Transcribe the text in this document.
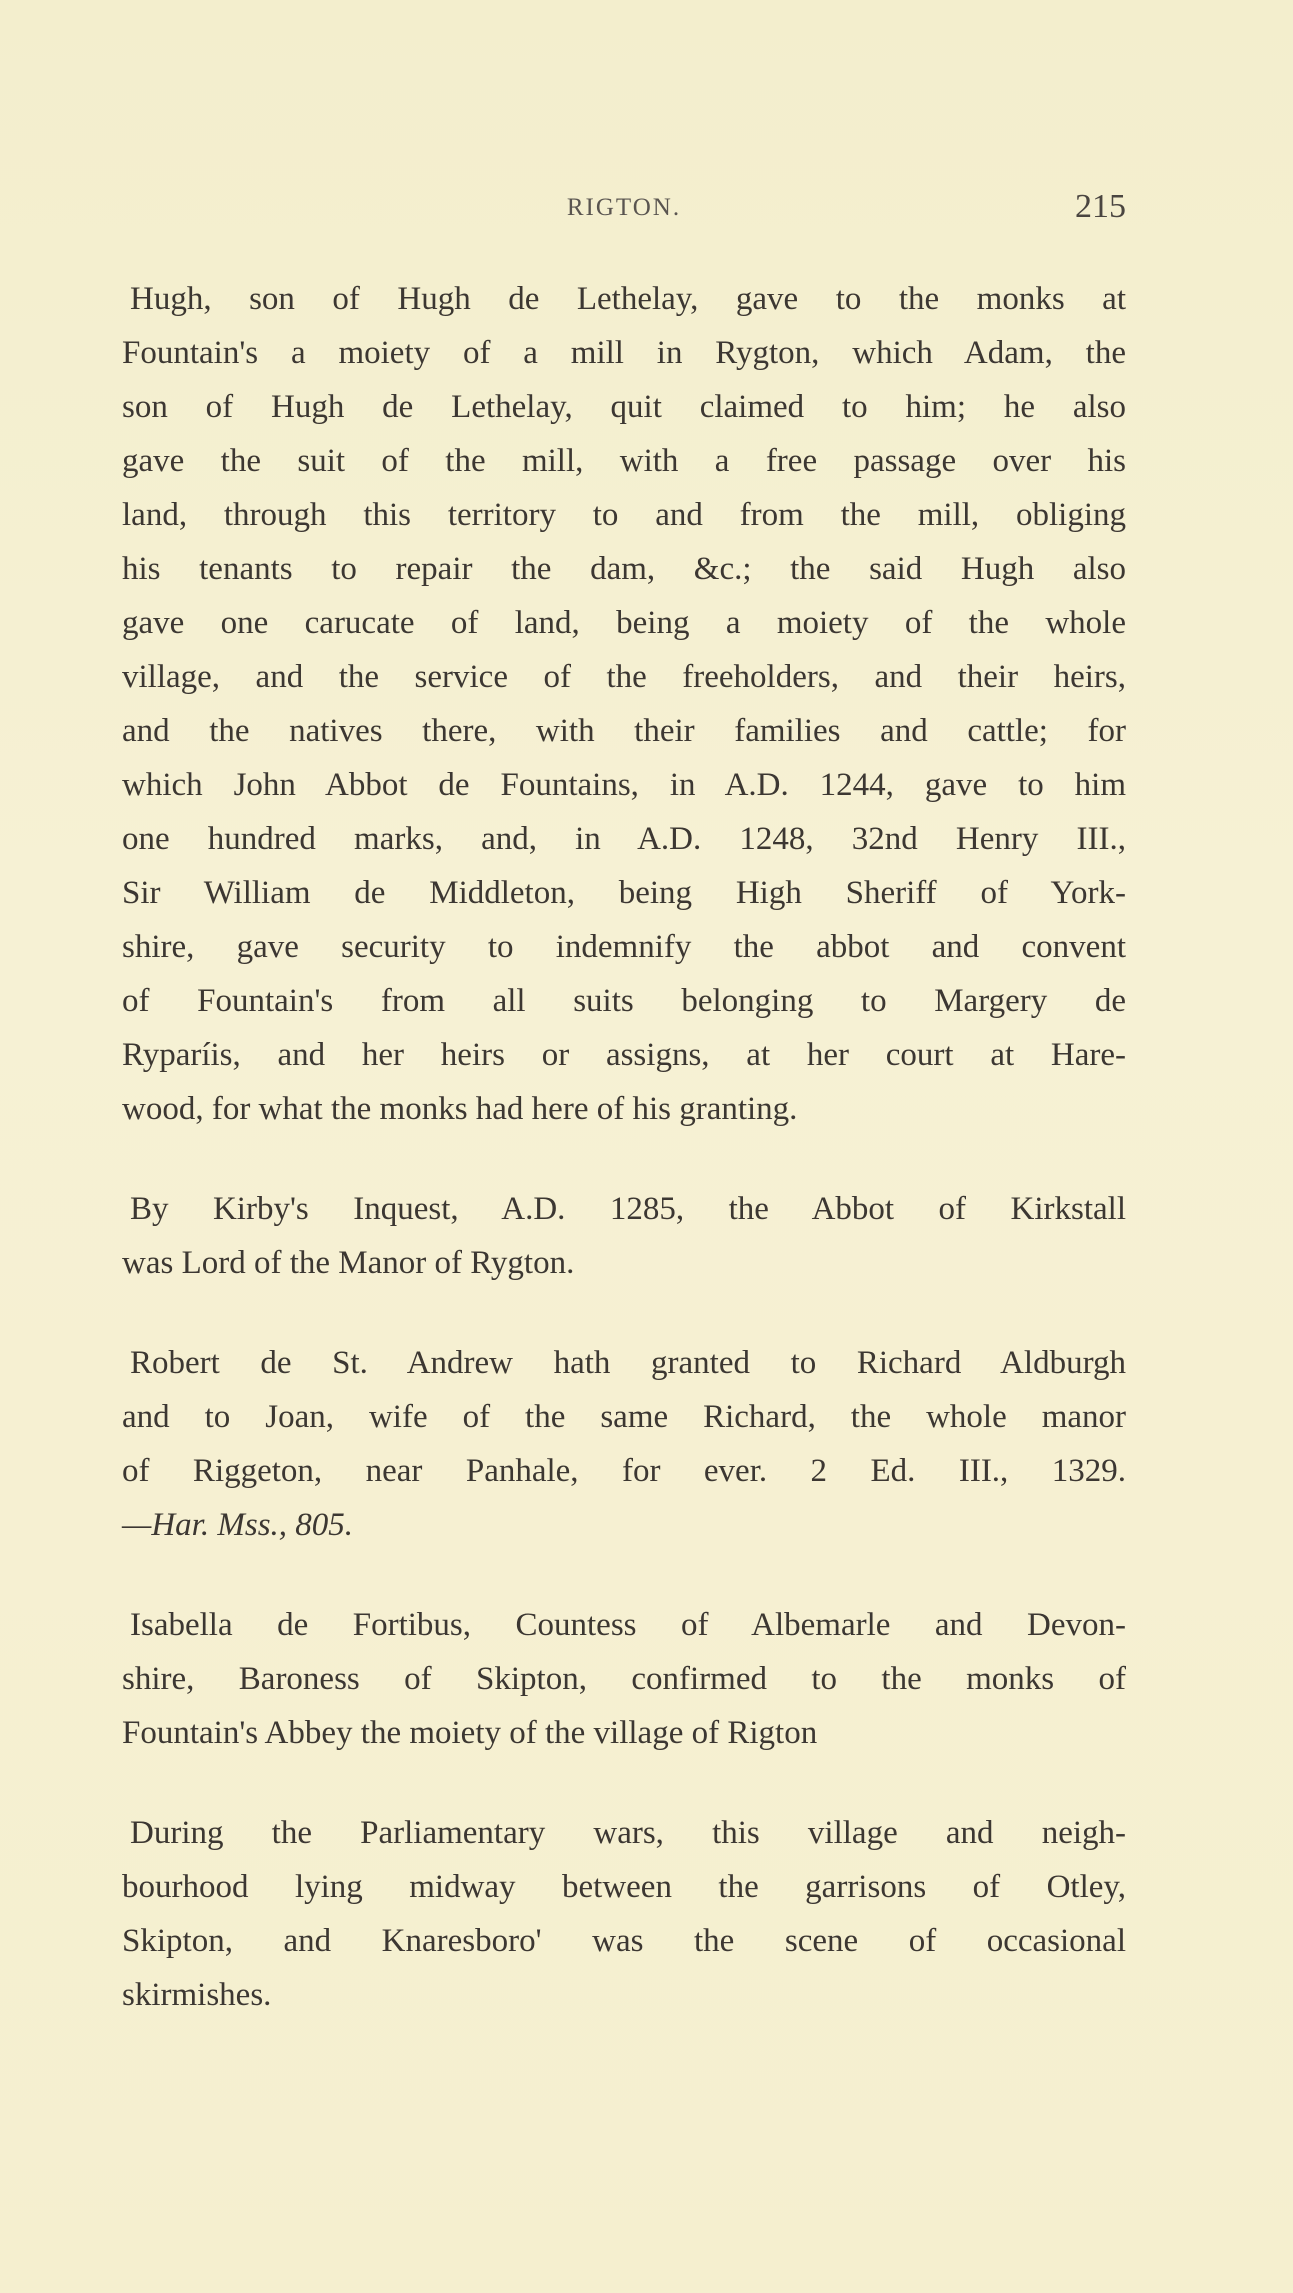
RIGTON.	215
Hugh, son of Hugh de Lethelay, gave to the monks at
Fountain's a moiety of a mill in Rygton, which Adam, the
son of Hugh de Lethelay, quit claimed to him; he also
gave the suit of the mill, with a free passage over his
land, through this territory to and from the mill, obliging
his tenants to repair the dam, &c.; the said Hugh also
gave one carucate of land, being a moiety of the whole
village, and the service of the freeholders, and their heirs,
and the natives there, with their families and cattle; for
which John Abbot de Fountains, in A.D. 1244, gave to him
one hundred marks, and, in A.D. 1248, 32nd Henry III.,
Sir William de Middleton, being High Sheriff of York-
shire, gave security to indemnify the abbot and convent
of Fountain's from all suits belonging to Margery de
Ryparíis, and her heirs or assigns, at her court at Hare-
wood, for what the monks had here of his granting.
By Kirby's Inquest, A.D. 1285, the Abbot of Kirkstall
was Lord of the Manor of Rygton.
Robert de St. Andrew hath granted to Richard Aldburgh
and to Joan, wife of the same Richard, the whole manor
of Riggeton, near Panhale, for ever. 2 Ed. III., 1329.
—Har. Mss., 805.
Isabella de Fortibus, Countess of Albemarle and Devon-
shire, Baroness of Skipton, confirmed to the monks of
Fountain's Abbey the moiety of the village of Rigton
During the Parliamentary wars, this village and neigh-
bourhood lying midway between the garrisons of Otley,
Skipton, and Knaresboro' was the scene of occasional
skirmishes.
